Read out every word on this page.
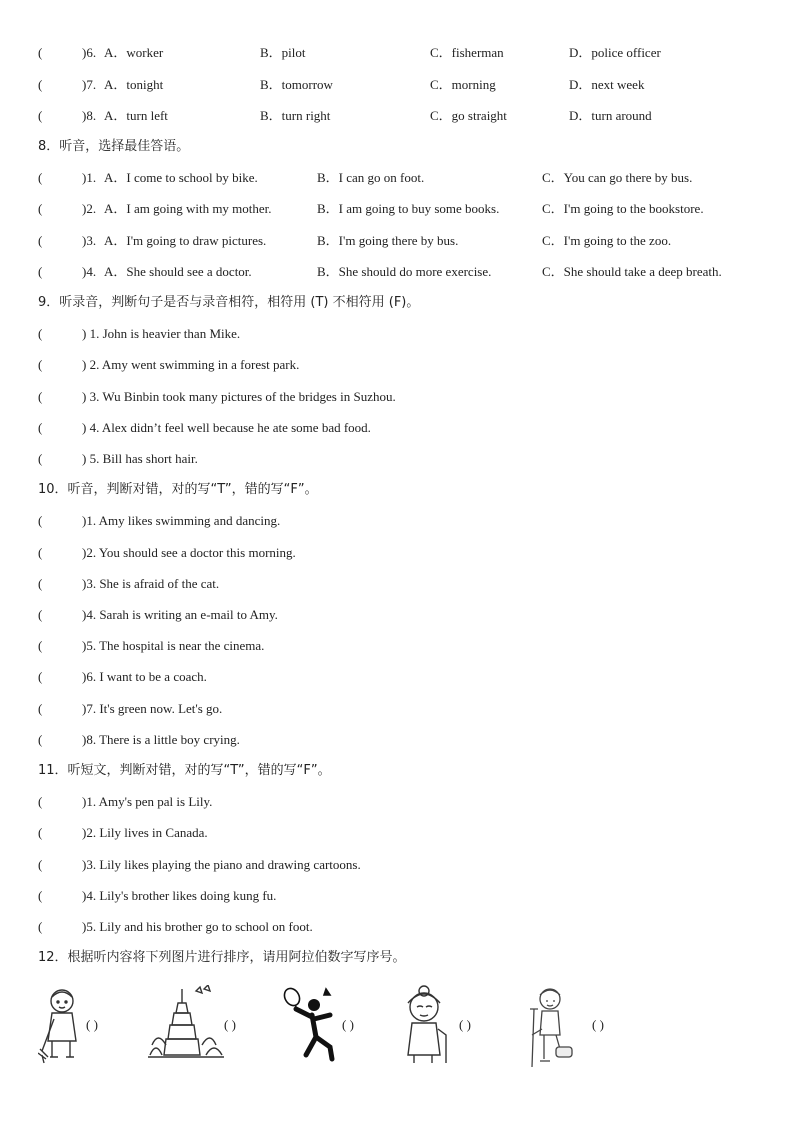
(	)6. A．worker	B．pilot	C．fisherman	D．police officer
(	)7. A．tonight	B．tomorrow	C．morning	D．next week
(	)8. A．turn left	B．turn right	C．go straight	D．turn around
8．听音，选择最佳答语。
(	)1. A．I come to school by bike.	B．I can go on foot.	C．You can go there by bus.
(	)2. A．I am going with my mother.	B．I am going to buy some books.	C．I'm going to the bookstore.
(	)3. A．I'm going to draw pictures.	B．I'm going there by bus.	C．I'm going to the zoo.
(	)4. A．She should see a doctor.	B．She should do more exercise.	C．She should take a deep breath.
9．听录音，判断句子是否与录音相符，相符用 (T) 不相符用 (F)。
(	) 1. John is heavier than Mike.
(	) 2. Amy went swimming in a forest park.
(	) 3. Wu Binbin took many pictures of the bridges in Suzhou.
(	) 4. Alex didn’t feel well because he ate some bad food.
(	) 5. Bill has short hair.
10．听音，判断对错，对的写“T”，错的写“F”。
(	)1. Amy likes swimming and dancing.
(	)2. You should see a doctor this morning.
(	)3. She is afraid of the cat.
(	)4. Sarah is writing an e-mail to Amy.
(	)5. The hospital is near the cinema.
(	)6. I want to be a coach.
(	)7. It's green now. Let's go.
(	)8. There is a little boy crying.
11．听短文，判断对错，对的写“T”，错的写“F”。
(	)1. Amy's pen pal is Lily.
(	)2. Lily lives in Canada.
(	)3. Lily likes playing the piano and drawing cartoons.
(	)4. Lily's brother likes doing kung fu.
(	)5. Lily and his brother go to school on foot.
12．根据听内容将下列图片进行排序，请用阿拉伯数字写序号。
( )	( )	( )	( )	( )
